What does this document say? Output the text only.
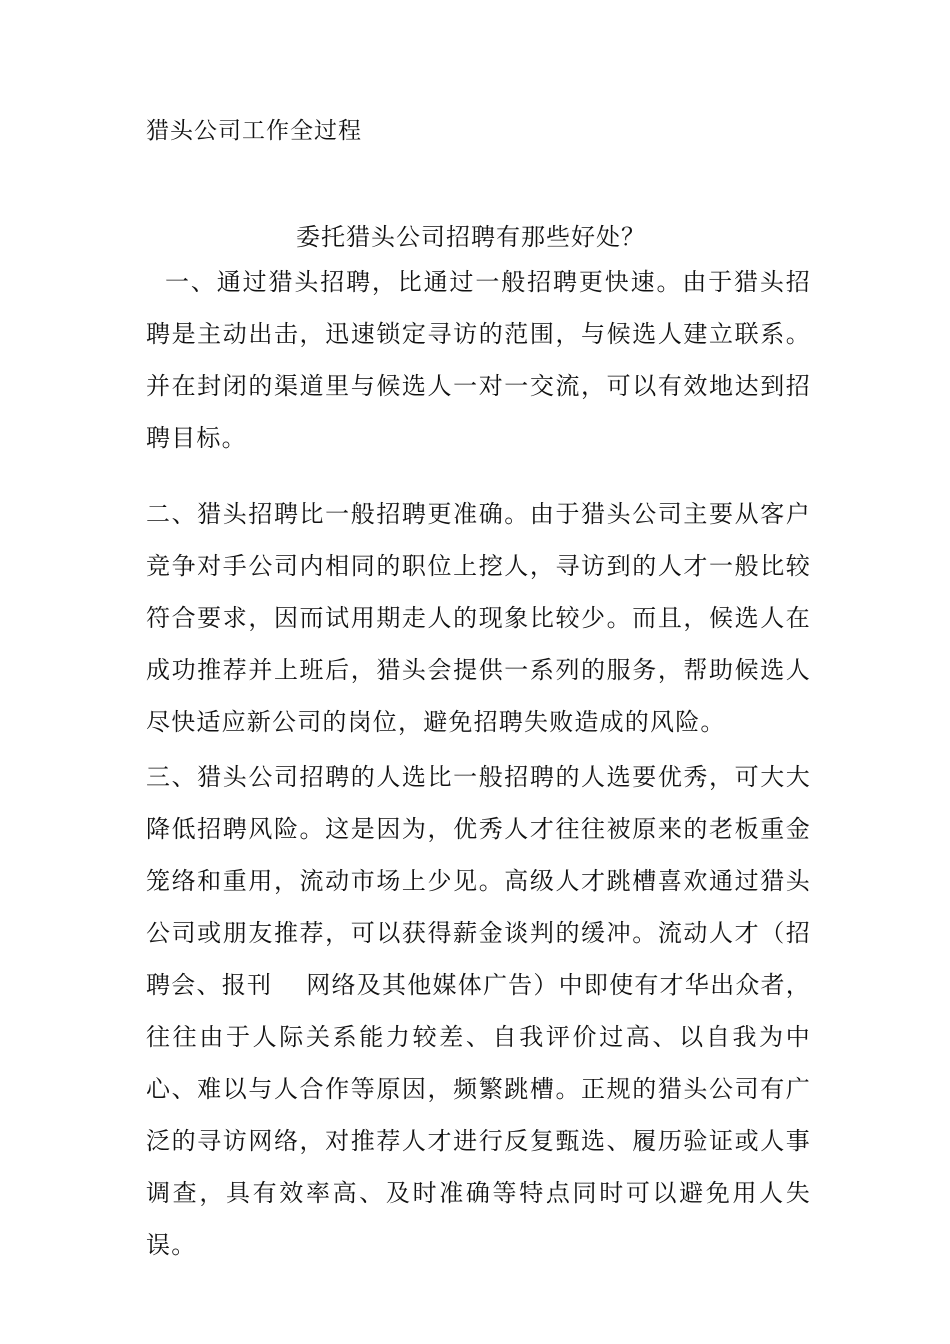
猎头公司工作全过程
委托猎头公司招聘有那些好处？

一、通过猎头招聘，比通过一般招聘更快速。由于猎头招聘是主动出击，迅速锁定寻访的范围，与候选人建立联系。并在封闭的渠道里与候选人一对一交流，可以有效地达到招聘目标。

二、猎头招聘比一般招聘更准确。由于猎头公司主要从客户竞争对手公司内相同的职位上挖人，寻访到的人才一般比较符合要求，因而试用期走人的现象比较少。而且，候选人在成功推荐并上班后，猎头会提供一系列的服务，帮助候选人尽快适应新公司的岗位，避免招聘失败造成的风险。

三、猎头公司招聘的人选比一般招聘的人选要优秀，可大大降低招聘风险。这是因为，优秀人才往往被原来的老板重金笼络和重用，流动市场上少见。高级人才跳槽喜欢通过猎头公司或朋友推荐，可以获得薪金谈判的缓冲。流动人才（招聘会、报刊　 网络及其他媒体广告）中即使有才华出众者，往往由于人际关系能力较差、自我评价过高、以自我为中心、难以与人合作等原因，频繁跳槽。正规的猎头公司有广泛的寻访网络，对推荐人才进行反复甄选、履历验证或人事调查，具有效率高、及时准确等特点同时可以避免用人失误。
